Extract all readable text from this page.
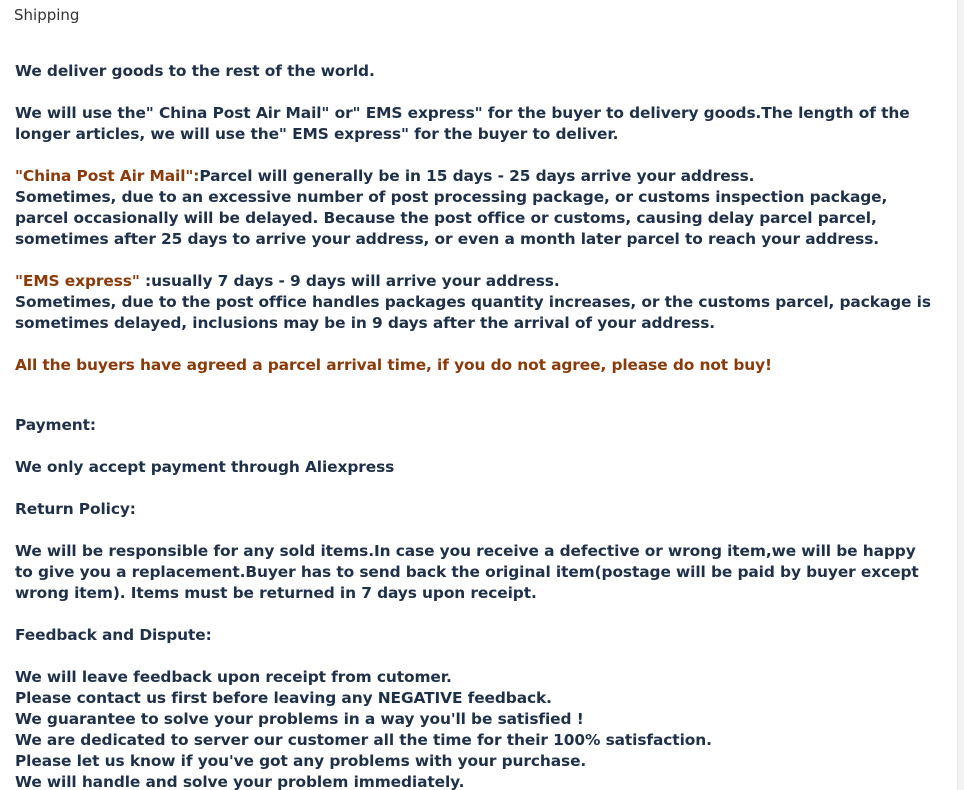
Shipping

We deliver goods to the rest of the world.

We will use the" China Post Air Mail" or" EMS express" for the buyer to delivery goods.The length of the longer articles, we will use the" EMS express" for the buyer to deliver.

"China Post Air Mail":Parcel will generally be in 15 days - 25 days arrive your address.
Sometimes, due to an excessive number of post processing package, or customs inspection package, parcel occasionally will be delayed. Because the post office or customs, causing delay parcel parcel, sometimes after 25 days to arrive your address, or even a month later parcel to reach your address.

"EMS express" :usually 7 days - 9 days will arrive your address.
Sometimes, due to the post office handles packages quantity increases, or the customs parcel, package is sometimes delayed, inclusions may be in 9 days after the arrival of your address.

All the buyers have agreed a parcel arrival time, if you do not agree, please do not buy!

Payment:

We only accept payment through Aliexpress

Return Policy:

We will be responsible for any sold items.In case you receive a defective or wrong item,we will be happy to give you a replacement.Buyer has to send back the original item(postage will be paid by buyer except wrong item). Items must be returned in 7 days upon receipt.

Feedback and Dispute:

We will leave feedback upon receipt from cutomer.
Please contact us first before leaving any NEGATIVE feedback.
We guarantee to solve your problems in a way you'll be satisfied !
We are dedicated to server our customer all the time for their 100% satisfaction.
Please let us know if you've got any problems with your purchase.
We will handle and solve your problem immediately.
